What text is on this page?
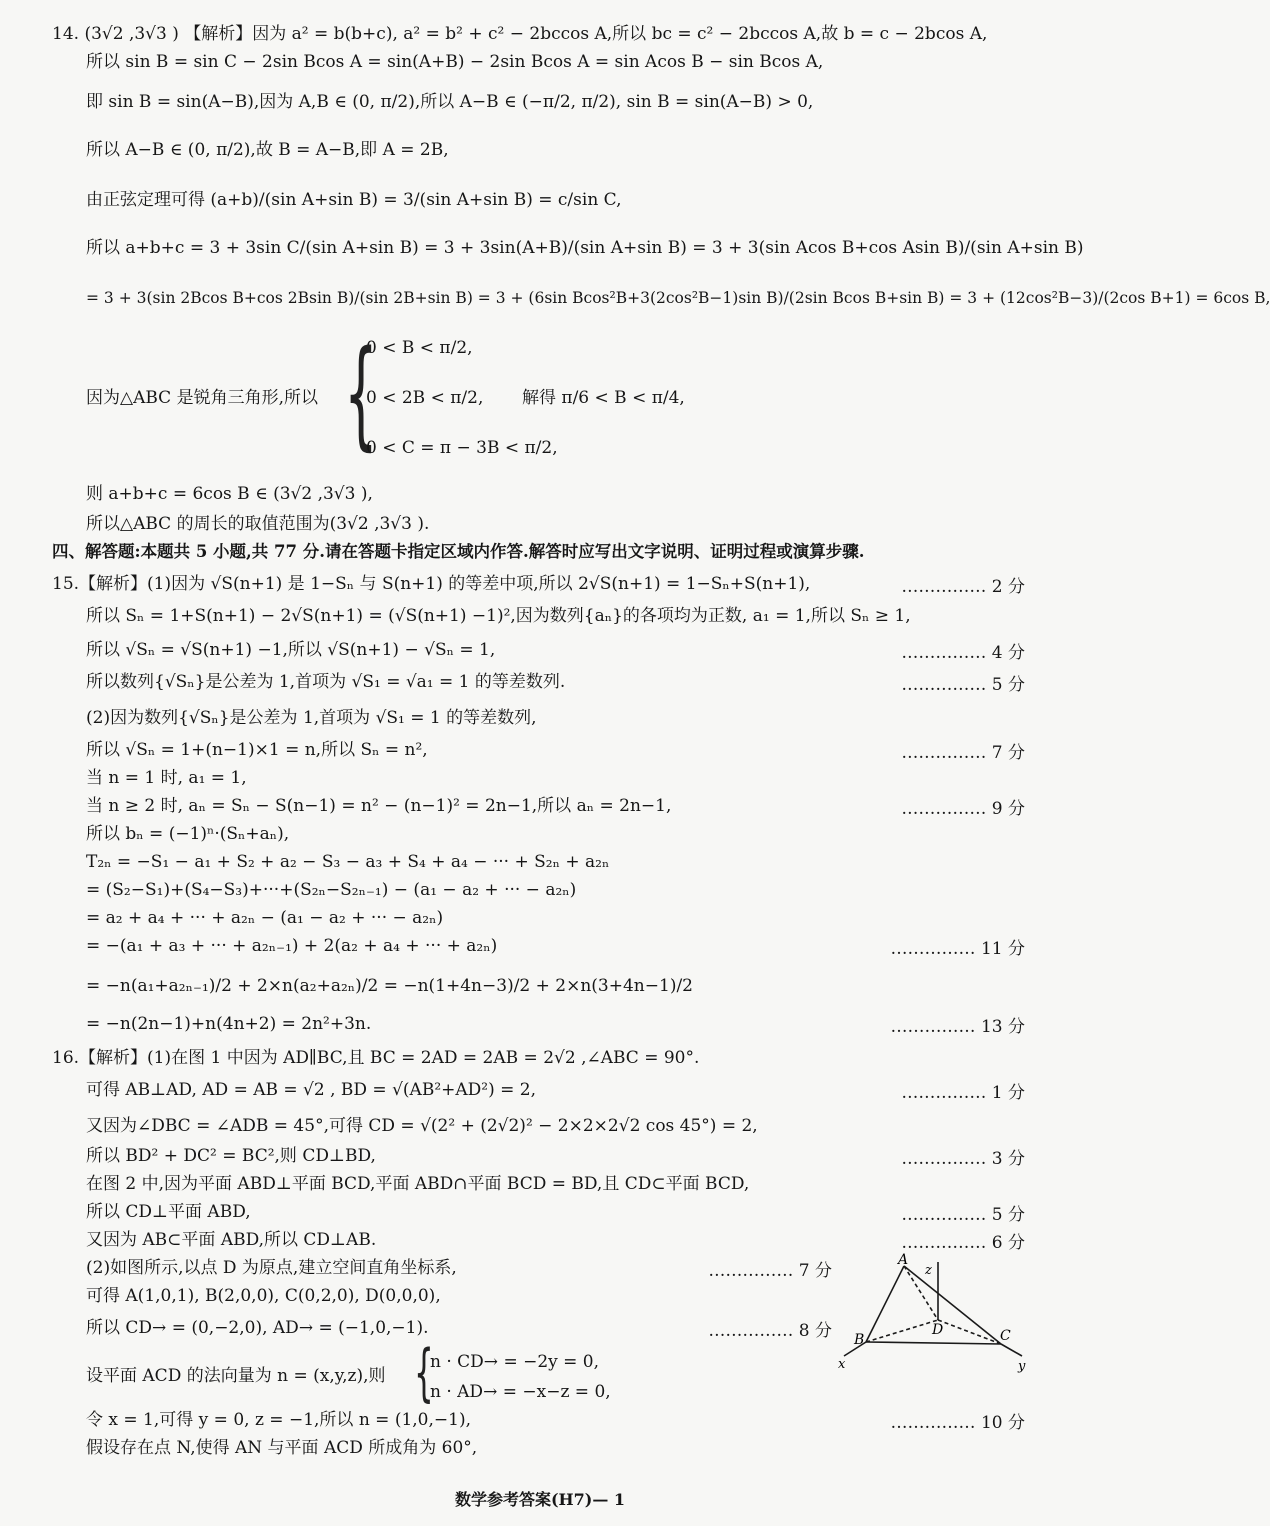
14. (3√2 ,3√3 ) 【解析】因为 a² = b(b+c), a² = b² + c² − 2bccos A,所以 bc = c² − 2bccos A,故 b = c − 2bcos A,
所以 sin B = sin C − 2sin Bcos A = sin(A+B) − 2sin Bcos A = sin Acos B − sin Bcos A,
即 sin B = sin(A−B),因为 A,B ∈ (0, π/2),所以 A−B ∈ (−π/2, π/2), sin B = sin(A−B) > 0,
所以 A−B ∈ (0, π/2),故 B = A−B,即 A = 2B,
由正弦定理可得 (a+b)/(sin A+sin B) = 3/(sin A+sin B) = c/sin C,
所以 a+b+c = 3 + 3sin C/(sin A+sin B) = 3 + 3sin(A+B)/(sin A+sin B) = 3 + 3(sin Acos B+cos Asin B)/(sin A+sin B)
= 3 + 3(sin 2Bcos B+cos 2Bsin B)/(sin 2B+sin B) = 3 + (6sin Bcos²B+3(2cos²B−1)sin B)/(2sin Bcos B+sin B) = 3 + (12cos²B−3)/(2cos B+1) = 6cos B,
0 < B < π/2,
因为△ABC 是锐角三角形,所以 {
0 < 2B < π/2,	解得 π/6 < B < π/4,
0 < C = π − 3B < π/2,
则 a+b+c = 6cos B ∈ (3√2 ,3√3 ),
所以△ABC 的周长的取值范围为(3√2 ,3√3 ).
四、解答题:本题共 5 小题,共 77 分.请在答题卡指定区域内作答.解答时应写出文字说明、证明过程或演算步骤.
15.【解析】(1)因为 √S(n+1) 是 1−Sₙ 与 S(n+1) 的等差中项,所以 2√S(n+1) = 1−Sₙ+S(n+1),	…………… 2 分
所以 Sₙ = 1+S(n+1) − 2√S(n+1) = (√S(n+1) −1)²,因为数列{aₙ}的各项均为正数, a₁ = 1,所以 Sₙ ≥ 1,
所以 √Sₙ = √S(n+1) −1,所以 √S(n+1) − √Sₙ = 1,	…………… 4 分
所以数列{√Sₙ}是公差为 1,首项为 √S₁ = √a₁ = 1 的等差数列.	…………… 5 分
(2)因为数列{√Sₙ}是公差为 1,首项为 √S₁ = 1 的等差数列,
所以 √Sₙ = 1+(n−1)×1 = n,所以 Sₙ = n²,	…………… 7 分
当 n = 1 时, a₁ = 1,
当 n ≥ 2 时, aₙ = Sₙ − S(n−1) = n² − (n−1)² = 2n−1,所以 aₙ = 2n−1,	…………… 9 分
所以 bₙ = (−1)ⁿ·(Sₙ+aₙ),
T₂ₙ = −S₁ − a₁ + S₂ + a₂ − S₃ − a₃ + S₄ + a₄ − ··· + S₂ₙ + a₂ₙ
= (S₂−S₁)+(S₄−S₃)+···+(S₂ₙ−S₂ₙ₋₁) − (a₁ − a₂ + ··· − a₂ₙ)
= a₂ + a₄ + ··· + a₂ₙ − (a₁ − a₂ + ··· − a₂ₙ)
= −(a₁ + a₃ + ··· + a₂ₙ₋₁) + 2(a₂ + a₄ + ··· + a₂ₙ)	…………… 11 分
= −n(a₁+a₂ₙ₋₁)/2 + 2×n(a₂+a₂ₙ)/2 = −n(1+4n−3)/2 + 2×n(3+4n−1)/2
= −n(2n−1)+n(4n+2) = 2n²+3n.	…………… 13 分
16.【解析】(1)在图 1 中因为 AD∥BC,且 BC = 2AD = 2AB = 2√2 ,∠ABC = 90°.
可得 AB⊥AD, AD = AB = √2 , BD = √(AB²+AD²) = 2,	…………… 1 分
又因为∠DBC = ∠ADB = 45°,可得 CD = √(2² + (2√2)² − 2×2×2√2 cos 45°) = 2,
所以 BD² + DC² = BC²,则 CD⊥BD,	…………… 3 分
在图 2 中,因为平面 ABD⊥平面 BCD,平面 ABD∩平面 BCD = BD,且 CD⊂平面 BCD,
所以 CD⊥平面 ABD,	…………… 5 分
又因为 AB⊂平面 ABD,所以 CD⊥AB.	…………… 6 分
(2)如图所示,以点 D 为原点,建立空间直角坐标系,	…………… 7 分
可得 A(1,0,1), B(2,0,0), C(0,2,0), D(0,0,0),
所以 CD→ = (0,−2,0), AD→ = (−1,0,−1).	…………… 8 分
设平面 ACD 的法向量为 n = (x,y,z),则 {
n · CD→ = −2y = 0,
n · AD→ = −x−z = 0,
令 x = 1,可得 y = 0, z = −1,所以 n = (1,0,−1),	…………… 10 分
假设存在点 N,使得 AN 与平面 ACD 所成角为 60°,
A
B	C
D
x	y
z
数学参考答案(H7)— 1
